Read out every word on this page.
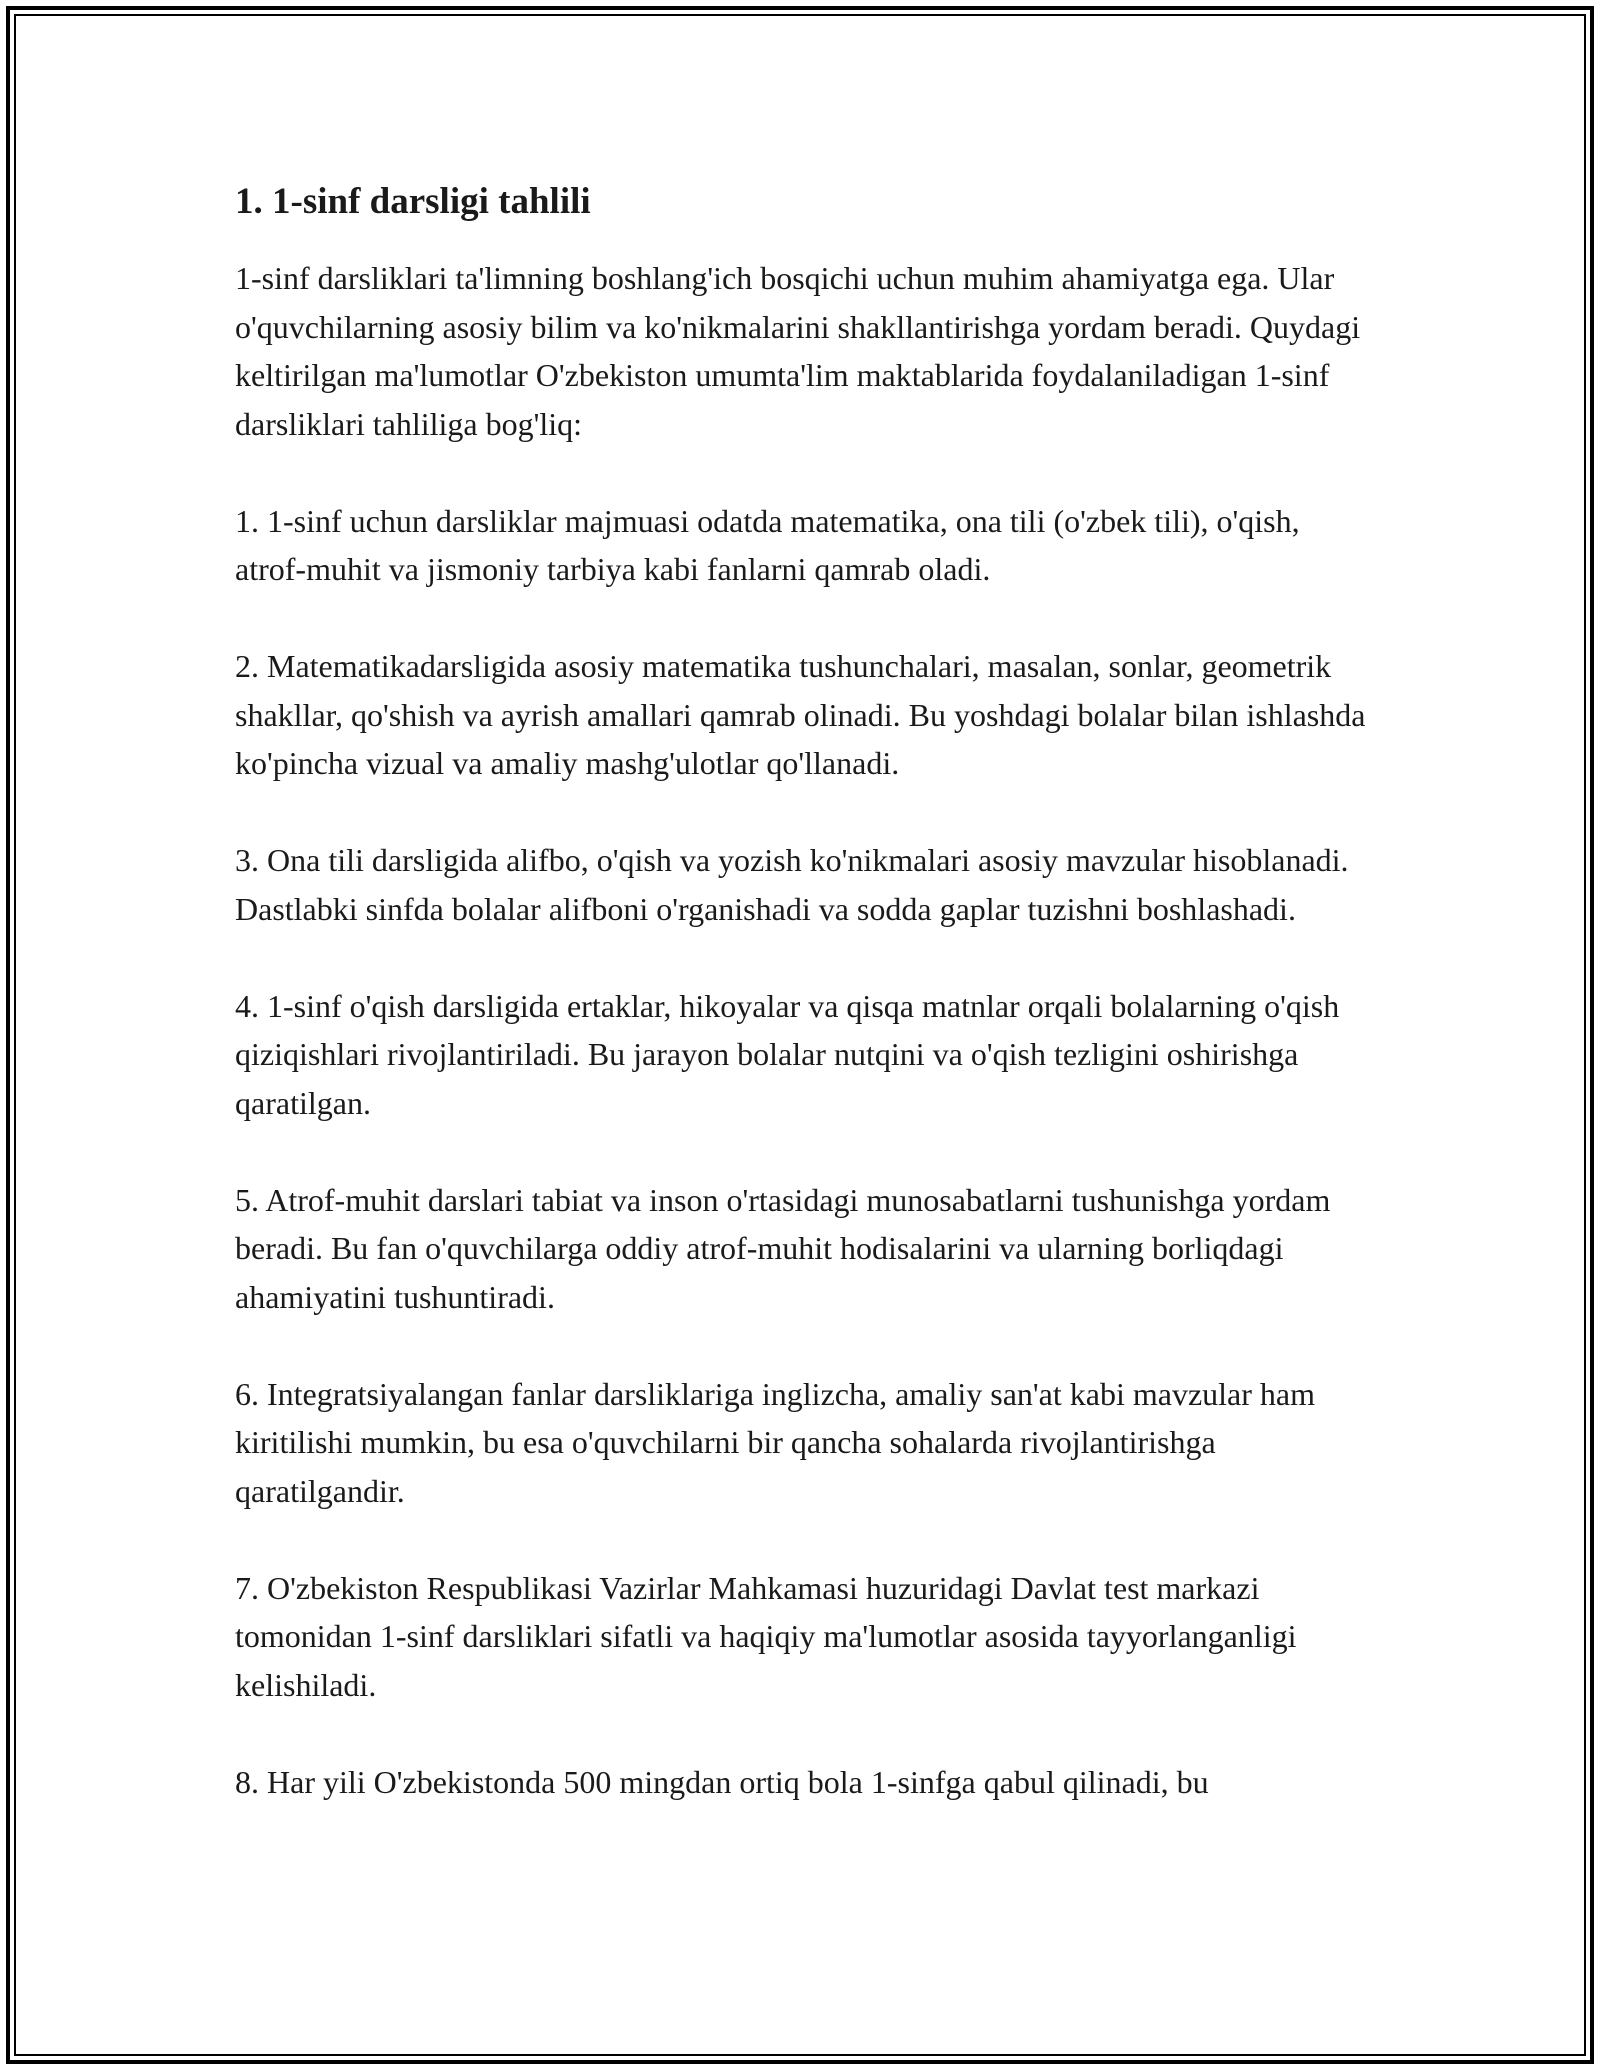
1. 1-sinf darsligi tahlili

1-sinf darsliklari ta'limning boshlang'ich bosqichi uchun muhim ahamiyatga ega. Ular o'quvchilarning asosiy bilim va ko'nikmalarini shakllantirishga yordam beradi. Quydagi keltirilgan ma'lumotlar O'zbekiston umumta'lim maktablarida foydalaniladigan 1-sinf darsliklari tahliliga bog'liq:

1. 1-sinf uchun darsliklar majmuasi odatda matematika, ona tili (o'zbek tili), o'qish, atrof-muhit va jismoniy tarbiya kabi fanlarni qamrab oladi.

2. Matematikadarsligida asosiy matematika tushunchalari, masalan, sonlar, geometrik shakllar, qo'shish va ayrish amallari qamrab olinadi. Bu yoshdagi bolalar bilan ishlashda ko'pincha vizual va amaliy mashg'ulotlar qo'llanadi.

3. Ona tili darsligida alifbo, o'qish va yozish ko'nikmalari asosiy mavzular hisoblanadi. Dastlabki sinfda bolalar alifboni o'rganishadi va sodda gaplar tuzishni boshlashadi.

4. 1-sinf o'qish darsligida ertaklar, hikoyalar va qisqa matnlar orqali bolalarning o'qish qiziqishlari rivojlantiriladi. Bu jarayon bolalar nutqini va o'qish tezligini oshirishga qaratilgan.

5. Atrof-muhit darslari tabiat va inson o'rtasidagi munosabatlarni tushunishga yordam beradi. Bu fan o'quvchilarga oddiy atrof-muhit hodisalarini va ularning borliqdagi ahamiyatini tushuntiradi.

6. Integratsiyalangan fanlar darsliklariga inglizcha, amaliy san'at kabi mavzular ham kiritilishi mumkin, bu esa o'quvchilarni bir qancha sohalarda rivojlantirishga qaratilgandir.

7. O'zbekiston Respublikasi Vazirlar Mahkamasi huzuridagi Davlat test markazi tomonidan 1-sinf darsliklari sifatli va haqiqiy ma'lumotlar asosida tayyorlanganligi kelishiladi.

8. Har yili O'zbekistonda 500 mingdan ortiq bola 1-sinfga qabul qilinadi, bu
